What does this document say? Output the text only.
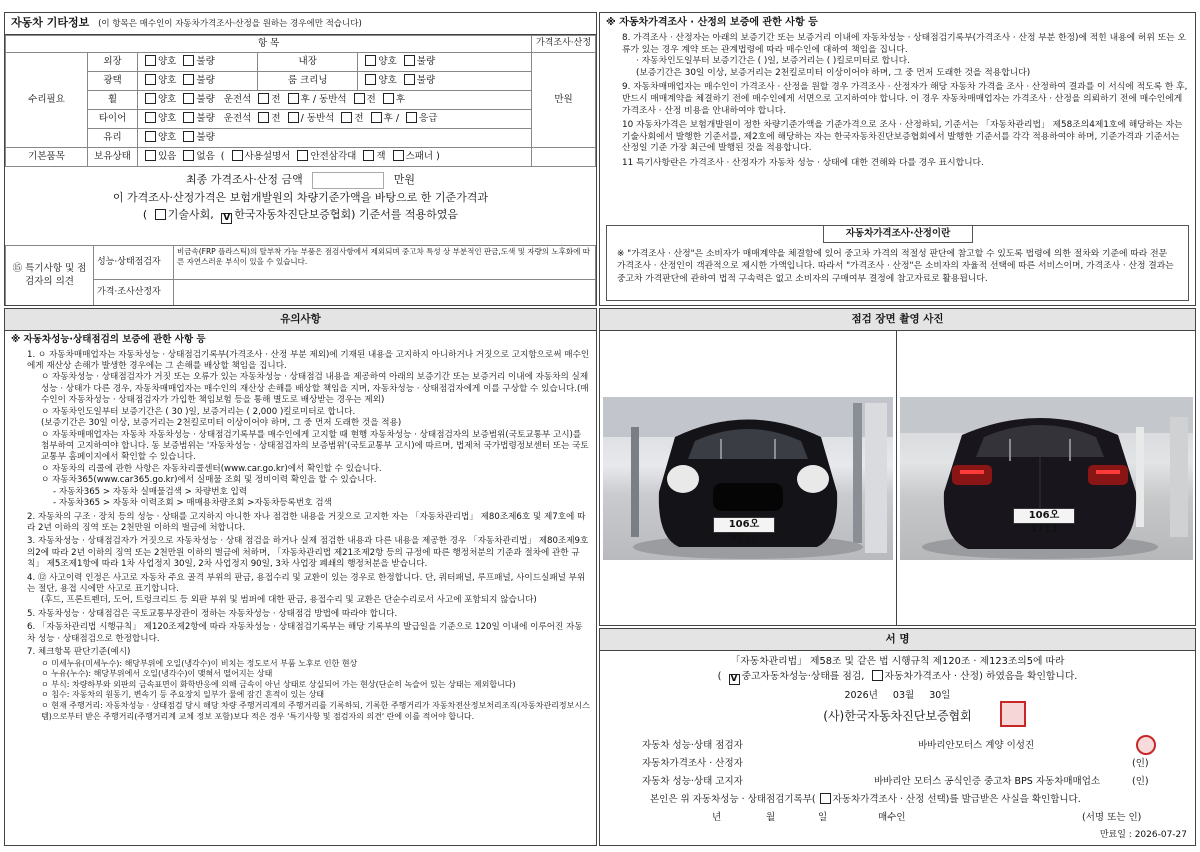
자동차 기타정보 (이 항목은 매수인이 자동차가격조사·산정을 원하는 경우에만 적습니다)
항 목					가격조사·산정
수리필요	외장	양호 불량	내장	양호 불량	만원
	광택	양호 불량	룸 크리닝	양호 불량	
	휠	양호 불량 운전석 전 후 / 동반석 전 후			
	타이어	양호 불량 운전석 전 / 동반석 전 후 / 응급			
	유리	양호 불량			
기본품목	보유상태	있음 없음  ( 사용설명서 안전삼각대 잭 스패너 )			
최종 가격조사·산정 금액	만원
이 가격조사·산정가격은 보험개발원의 차량기준가액을 바탕으로 한 기준가격과
( 기술사회, V 한국자동차진단보증협회) 기준서를 적용하였음
⑮ 특기사항 및 점검자의 의견	성능·상태점검자	비금속(FRP 플라스틱)의 탈부착 가능 부품은 점검사항에서 제외되며 중고차 특성 상 부분적인 판금,도색 및 자량의 노후화에 따른 자연스러운 부식이 있을 수 있습니다.
	가격·조사산정자	
※ 자동차가격조사 · 산정의 보증에 관한 사항 등
8. 가격조사 · 산정자는 아래의 보증기간 또는 보증거리 이내에 자동차성능 · 상태점검기록부(가격조사 · 산정 부분 한정)에 적힌 내용에 허위 또는 오류가 있는 경우 계약 또는 관계법령에 따라 매수인에 대하여 책임을 집니다.
· 자동차인도일부터 보증기간은 ( )일, 보증거리는 ( )킬로미터로 합니다.
(보증기간은 30일 이상, 보증거리는 2천킬로미터 이상이어야 하며, 그 중 먼저 도래한 것을 적용합니다)
9. 자동차매매업자는 매수인이 가격조사 · 산정을 원할 경우 가격조사 · 산정자가 해당 자동차 가격을 조사 · 산정하여 결과를 이 서식에 적도록 한 후, 반드시 매매계약을 체결하기 전에 매수인에게 서면으로 고지하여야 합니다. 이 경우 자동차매매업자는 가격조사 · 산정을 의뢰하기 전에 매수인에게 가격조사 · 산정 비용을 안내하여야 합니다.
10 자동차가격은 보험개발원이 정한 차량기준가액을 기준가격으로 조사 · 산정하되, 기준서는 「자동차관리법」 제58조의4제1호에 해당하는 자는 기술사회에서 발행한 기준서를, 제2호에 해당하는 자는 한국자동차진단보증협회에서 발행한 기준서를 각각 적용하여야 하며, 기준가격과 기준서는 산정일 기준 가장 최근에 발행된 것을 적용합니다.
11 특기사항란은 가격조사 · 산정자가 자동차 성능 · 상태에 대한 견해와 다를 경우 표시합니다.
자동차가격조사·산정이란
※ "가격조사 · 산정"은 소비자가 매매계약을 체결함에 있어 중고차 가격의 적절성 판단에 참고할 수 있도록 법령에 의한 절차와 기준에 따라 전문 가격조사 · 산정인이 객관적으로 제시한 가액입니다. 따라서 "가격조사 · 산정"은 소비자의 자율적 선택에 따른 서비스이며, 가격조사 · 산정 결과는 중고차 가격판단에 관하여 법적 구속력은 없고 소비자의 구매여부 결정에 참고자료로 활용됩니다.
유의사항
※ 자동차성능·상태점검의 보증에 관한 사항 등
1. ㅇ 자동차매매업자는 자동차성능 · 상태점검기록부(가격조사 · 산정 부분 제외)에 기재된 내용을 고지하지 아니하거나 거짓으로 고지함으로써 매수인에게 재산상 손해가 발생한 경우에는 그 손해를 배상할 책임을 집니다.
ㅇ 자동차성능 · 상태점검자가 거짓 또는 오류가 있는 자동차성능 · 상태점검 내용을 제공하여 아래의 보증기간 또는 보증거리 이내에 자동차의 실제 성능 · 상태가 다른 경우, 자동차매매업자는 매수인의 재산상 손해를 배상할 책임을 지며, 자동차성능 · 상태점검자에게 이를 구상할 수 있습니다.(매수인이 자동차성능 · 상태점검자가 가입한 책임보험 등을 통해 별도로 배상받는 경우는 제외)
ㅇ 자동차인도일부터 보증기간은 ( 30 )일, 보증거리는 ( 2,000 )킬로미터로 합니다.
(보증기간은 30일 이상, 보증거리는 2천킬로미터 이상이어야 하며, 그 중 먼저 도래한 것을 적용)
ㅇ 자동차매매업자는 자동차 자동차성능 · 상태점검기록부를 매수인에게 고지할 때 현행 자동차성능 · 상태점검자의 보증범위(국토교통부 고시)를 첨부하여 고지하여야 합니다. 동 보증범위는 '자동차성능 · 상태점검자의 보증범위'(국토교통부 고시)에 따르며, 법제처 국가법령정보센터 또는 국토교통부 홈페이지에서 확인할 수 있습니다.
ㅇ 자동차의 리콜에 관한 사항은 자동차리콜센터(www.car.go.kr)에서 확인할 수 있습니다.
ㅇ 자동차365(www.car365.go.kr)에서 실매물 조회 및 정비이력 확인을 할 수 있습니다.
- 자동차365 > 자동차 실매물검색 > 차량번호 입력
- 자동차365 > 자동차 이력조회 > 매매용차량조회 >자동차등록번호 검색
2. 자동차의 구조 · 장치 등의 성능 · 상태를 고지하지 아니한 자나 점검한 내용을 거짓으로 고지한 자는 「자동차관리법」 제80조제6호 및 제7호에 따라 2년 이하의 징역 또는 2천만원 이하의 벌금에 처합니다.
3. 자동차성능 · 상태점검자가 거짓으로 자동차성능 · 상태 점검을 하거나 실제 점검한 내용과 다른 내용을 제공한 경우 「자동차관리법」 제80조제9호의2에 따라 2년 이하의 징역 또는 2천만원 이하의 벌금에 처하며, 「자동차관리법 제21조제2항 등의 규정에 따른 행정처분의 기준과 절차에 관한 규칙」 제5조제1항에 따라 1차 사업정지 30일, 2차 사업정지 90일, 3차 사업장 폐쇄의 행정처분을 받습니다.
4. ⑫ 사고이력 인정은 사고로 자동차 주요 골격 부위의 판금, 용접수리 및 교환이 있는 경우로 한정합니다. 단, 쿼터패널, 루프패널, 사이드실패널 부위는 절단, 용접 시에만 사고로 표기합니다.
(후드, 프론트펜더, 도어, 트렁크리드 등 외판 부위 및 범퍼에 대한 판금, 용접수리 및 교환은 단순수리로서 사고에 포함되지 않습니다)
5. 자동차성능 · 상태점검은 국토교통부장관이 정하는 자동차성능 · 상태점검 방법에 따라야 합니다.
6. 「자동차관리법 시행규칙」 제120조제2항에 따라 자동차성능 · 상태점검기록부는 해당 기록부의 발급일을 기준으로 120일 이내에 이루어진 자동차 성능 · 상태점검으로 한정합니다.
7. 체크항목 판단기준(예시)
ㅇ 미세누유(미세누수): 해당부위에 오일(냉각수)이 비치는 정도로서 부품 노후로 인한 현상
ㅇ 누유(누수): 해당부위에서 오일(냉각수)이 맺혀서 떨어지는 상태
ㅇ 부식: 차량하부와 외판의 금속표면이 화학반응에 의해 금속이 아닌 상태로 상실되어 가는 현상(단순히 녹슬어 있는 상태는 제외합니다)
ㅇ 침수: 자동차의 원동기, 변속기 등 주요장치 일부가 물에 잠긴 흔적이 있는 상태
ㅇ 현재 주행거리: 자동차성능 · 상태점검 당시 해당 차량 주행거리계의 주행거리를 기록하되, 기록한 주행거리가 자동차전산정보처리조직(자동차관리정보시스템)으로부터 받은 주행거리(주행거리계 교체 정보 포함)보다 적은 경우 '특기사항 및 점검자의 의견' 란에 이를 적어야 합니다.
점검 장면 촬영 사진
106오 3711
106오 3711
서 명
「자동차관리법」 제58조 및 같은 법 시행규칙 제120조 · 제123조의5에 따라
( V중고자동차성능·상태를 점검, 자동차가격조사 · 산정) 하였음을 확인합니다.
2026년 03월 30일
(사)한국자동차진단보증협회
자동차 성능·상태 점검자	바바리안모터스 계양 이성진
자동차가격조사 · 산정자	(인)
자동차 성능·상태 고지자	바바리안 모터스 공식인증 중고차 BPS 자동차매매업소	(인)
본인은 위 자동차성능 · 상태점검기록부( 자동차가격조사 · 산정 선택)를 발급받은 사실을 확인합니다.
년	월	일	매수인	(서명 또는 인)
만료일 : 2026-07-27
